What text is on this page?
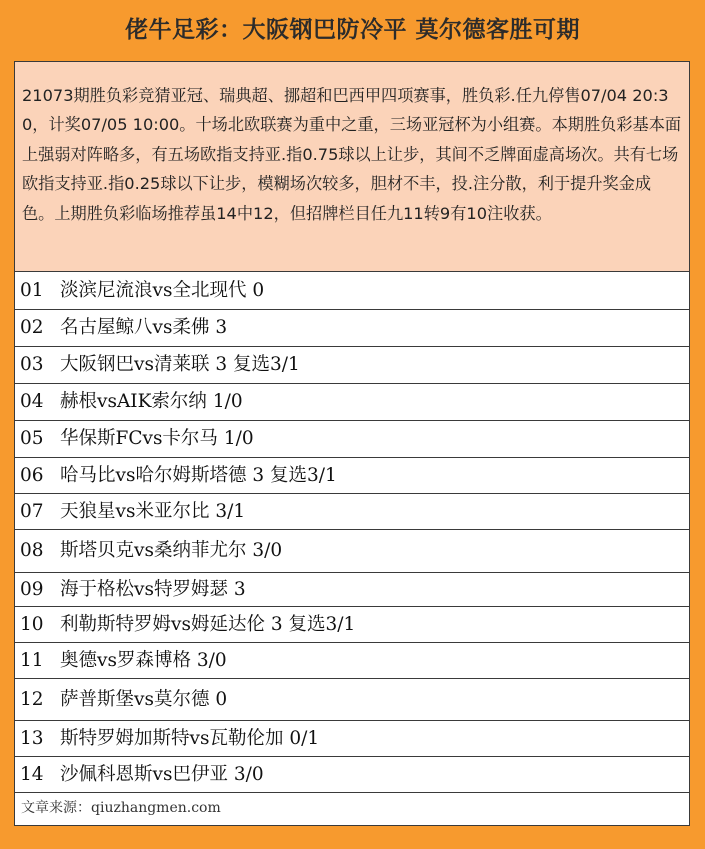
佬牛足彩：大阪钢巴防冷平 莫尔德客胜可期
21073期胜负彩竞猜亚冠、瑞典超、挪超和巴西甲四项赛事，胜负彩.任九停售07/04 20:30，计奖07/05 10:00。十场北欧联赛为重中之重，三场亚冠杯为小组赛。本期胜负彩基本面上强弱对阵略多，有五场欧指支持亚.指0.75球以上让步，其间不乏牌面虚高场次。共有七场欧指支持亚.指0.25球以下让步，模糊场次较多，胆材不丰，投.注分散，利于提升奖金成色。上期胜负彩临场推荐虽14中12，但招牌栏目任九11转9有10注收获。
01 淡滨尼流浪vs全北现代 0
02 名古屋鲸八vs柔佛 3
03 大阪钢巴vs清莱联 3 复选3/1
04 赫根vsAIK索尔纳 1/0
05 华保斯FCvs卡尔马 1/0
06 哈马比vs哈尔姆斯塔德 3 复选3/1
07 天狼星vs米亚尔比 3/1
08 斯塔贝克vs桑纳菲尤尔 3/0
09 海于格松vs特罗姆瑟 3
10 利勒斯特罗姆vs姆延达伦 3 复选3/1
11 奥德vs罗森博格 3/0
12 萨普斯堡vs莫尔德 0
13 斯特罗姆加斯特vs瓦勒伦加 0/1
14 沙佩科恩斯vs巴伊亚 3/0
文章来源：qiuzhangmen.com
